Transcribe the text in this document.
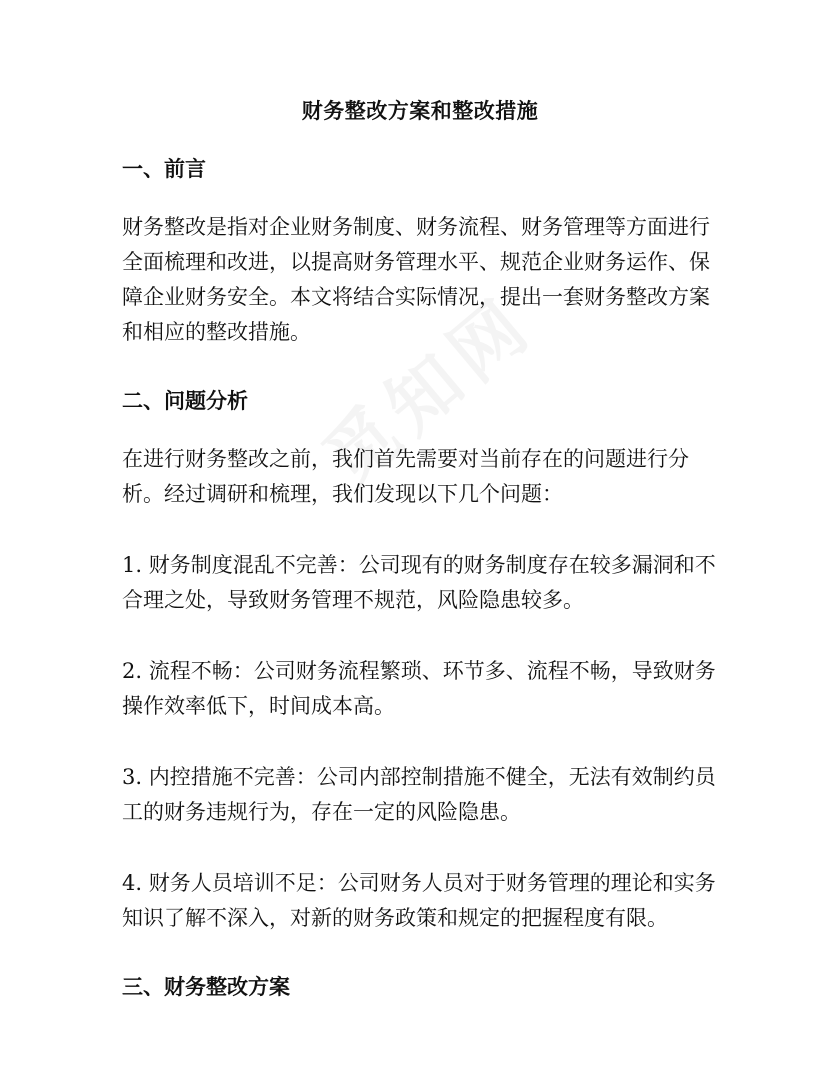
财务整改方案和整改措施
一、前言

财务整改是指对企业财务制度、财务流程、财务管理等方面进行全面梳理和改进，以提高财务管理水平、规范企业财务运作、保障企业财务安全。本文将结合实际情况，提出一套财务整改方案和相应的整改措施。

二、问题分析

在进行财务整改之前，我们首先需要对当前存在的问题进行分析。经过调研和梳理，我们发现以下几个问题：

1. 财务制度混乱不完善：公司现有的财务制度存在较多漏洞和不合理之处，导致财务管理不规范，风险隐患较多。

2. 流程不畅：公司财务流程繁琐、环节多、流程不畅，导致财务操作效率低下，时间成本高。

3. 内控措施不完善：公司内部控制措施不健全，无法有效制约员工的财务违规行为，存在一定的风险隐患。

4. 财务人员培训不足：公司财务人员对于财务管理的理论和实务知识了解不深入，对新的财务政策和规定的把握程度有限。

三、财务整改方案
